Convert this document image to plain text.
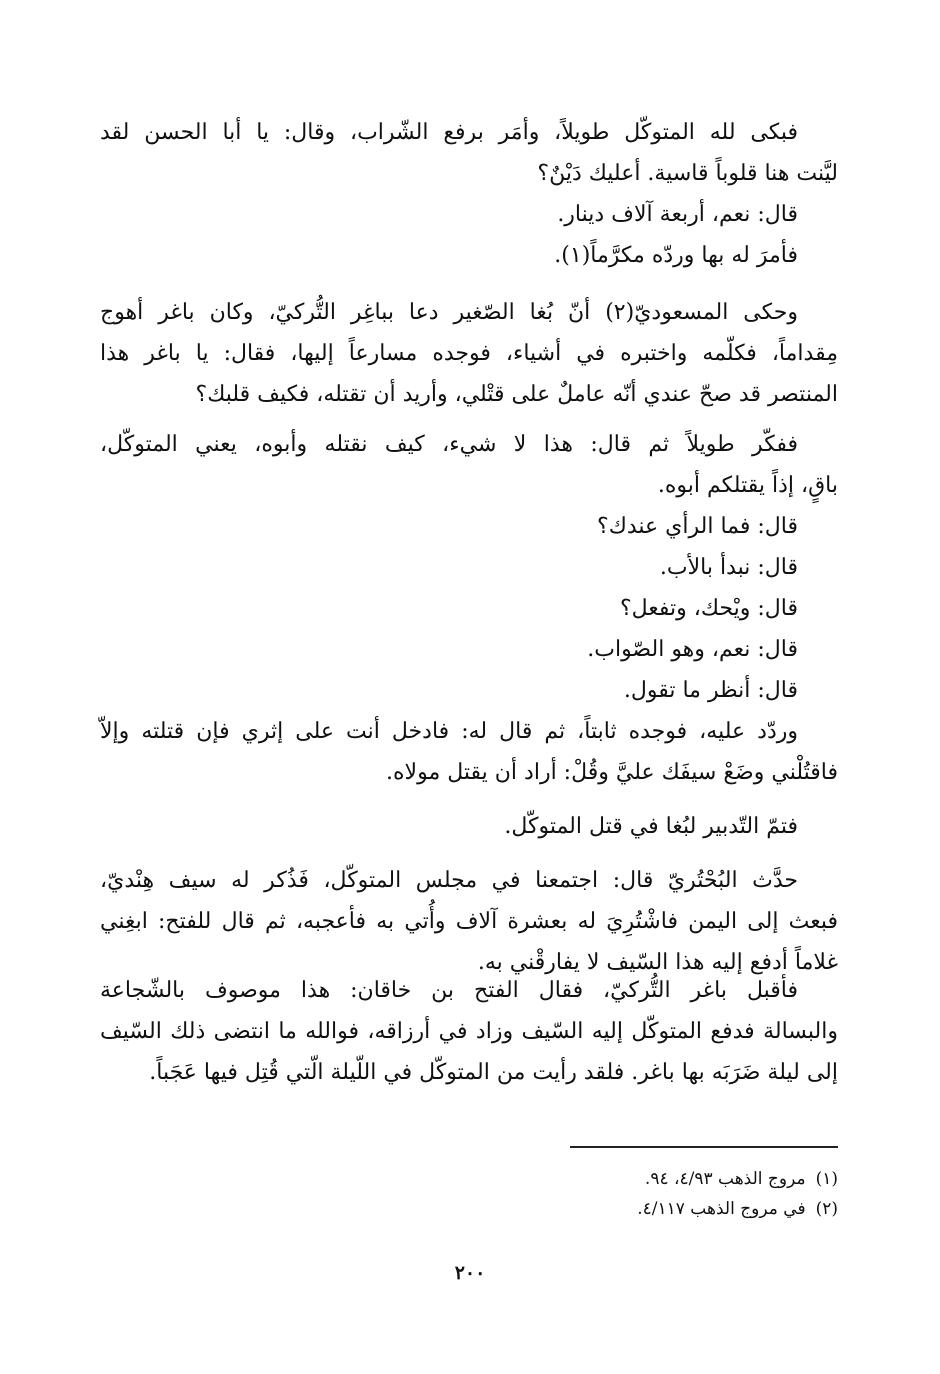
فبكى لله المتوكّل طويلاً، وأمَر برفع الشّراب، وقال: يا أبا الحسن لقد
ليَّنت هنا قلوباً قاسية. أعليك دَيْنٌ؟
قال: نعم، أربعة آلاف دينار.
فأمرَ له بها وردّه مكرَّماً(١).
وحكى المسعوديّ(٢) أنّ بُغا الصّغير دعا بباغِر التُّركيّ، وكان باغر أهوج
مِقداماً، فكلّمه واختبره في أشياء، فوجده مسارعاً إليها، فقال: يا باغر هذا
المنتصر قد صحّ عندي أنّه عاملٌ على قتْلي، وأريد أن تقتله، فكيف قلبك؟
ففكّر طويلاً ثم قال: هذا لا شيء، كيف نقتله وأبوه، يعني المتوكّل،
باقٍ، إذاً يقتلكم أبوه.
قال: فما الرأي عندك؟
قال: نبدأ بالأب.
قال: ويْحك، وتفعل؟
قال: نعم، وهو الصّواب.
قال: أنظر ما تقول.
وردّد عليه، فوجده ثابتاً، ثم قال له: فادخل أنت على إثري فإن قتلته وإلاّ
فاقتُلْني وضَعْ سيفَك عليَّ وقُلْ: أراد أن يقتل مولاه.
فتمّ التّدبير لبُغا في قتل المتوكّل.
حدَّث البُحْتُريّ قال: اجتمعنا في مجلس المتوكّل، فَذُكر له سيف هِنْديّ،
فبعث إلى اليمن فاشْتُرِيَ له بعشرة آلاف وأُتي به فأعجبه، ثم قال للفتح: ابغِني
غلاماً أدفع إليه هذا السّيف لا يفارقْني به.
فأقبل باغر التُّركيّ، فقال الفتح بن خاقان: هذا موصوف بالشّجاعة
والبسالة فدفع المتوكّل إليه السّيف وزاد في أرزاقه، فوالله ما انتضى ذلك السّيف
إلى ليلة ضَرَبَه بها باغر. فلقد رأيت من المتوكّل في اللّيلة الّتي قُتِل فيها عَجَباً.
(١)مروج الذهب ٤/٩٣، ٩٤.
(٢)في مروج الذهب ٤/١١٧.
٢٠٠
